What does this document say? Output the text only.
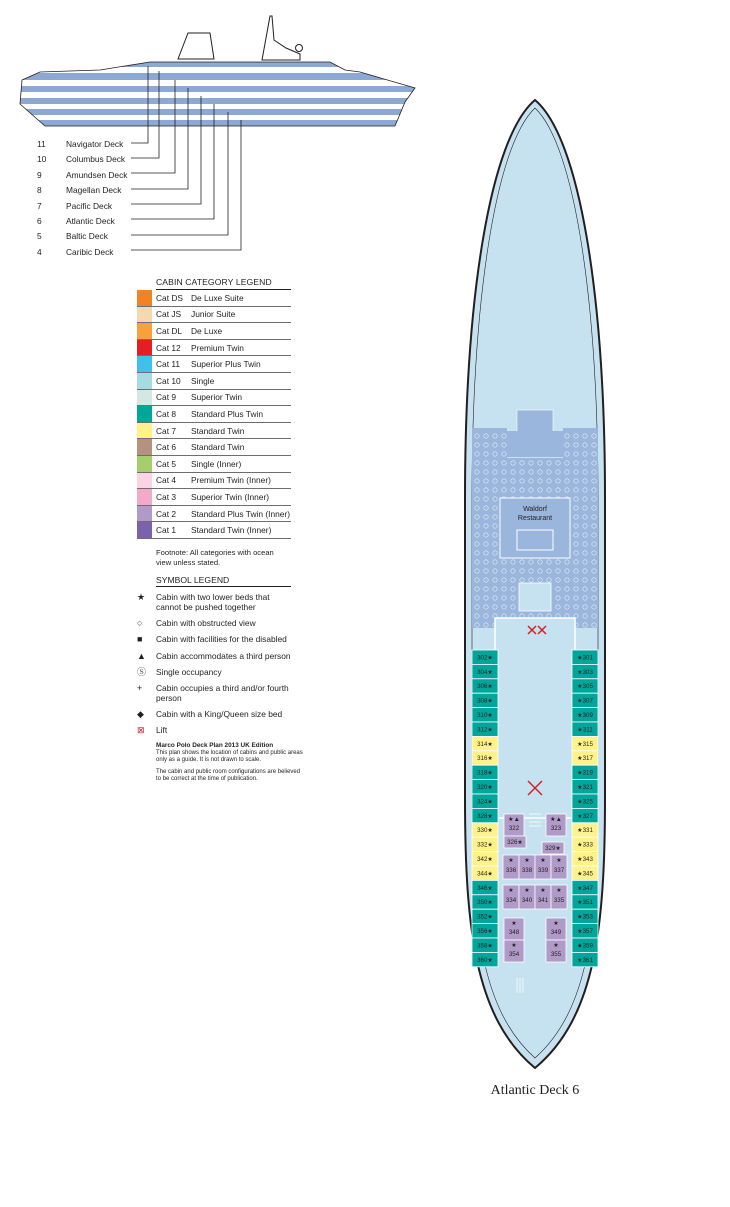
11 Navigator Deck
10 Columbus Deck
9	Amundsen Deck
8	Magellan Deck
7	Pacific Deck
6	Atlantic Deck
5	Baltic Deck
4	Caribic Deck
CABIN CATEGORY LEGEND
Cat DS De Luxe Suite
Cat JS	Junior Suite
Cat DL	De Luxe
Cat 12	Premium Twin
Cat 11	Superior Plus Twin
Cat 10	Single
Cat 9	Superior Twin
Cat 8	Standard Plus Twin
Cat 7	Standard Twin
Cat 6	Standard Twin
Cat 5	Single (Inner)
Cat 4	Premium Twin (Inner)
Cat 3	Superior Twin (Inner)
Cat 2	Standard Plus Twin (Inner)
Cat 1	Standard Twin (Inner)
Footnote: All categories with ocean view unless stated.
SYMBOL LEGEND
★	Cabin with two lower beds that cannot be pushed together
○	Cabin with obstructed view
■	Cabin with facilities for the disabled
▲	Cabin accommodates a third person
Ⓢ	Single occupancy
+	Cabin occupies a third and/or fourth person
◆	Cabin with a King/Queen size bed
⊠	Lift
Marco Polo Deck Plan 2013 UK Edition
This plan shows the location of cabins and public areas only as a guide. It is not drawn to scale.
The cabin and public room configurations are believed to be correct at the time of publication.
Waldorf
Restaurant
302★
304★
306★
308★
310★
312★
314★
316★
318★
320★
324★
328★
330★
332★
342★
344★
346★
350★
352★
356★
358★
360★
★301
★303
★305
★307
★309
★311
★315
★317
★319
★321
★325
★327
★331
★333
★343
★345
★347
★351
★353
★357
★359
★361
★▲
322
★▲
323
326★
329★
★
336
★
338
★
339
★
337
★
334
★
340
★
341
★
335
★
348
★
349
★
354
★
355
Atlantic Deck 6
